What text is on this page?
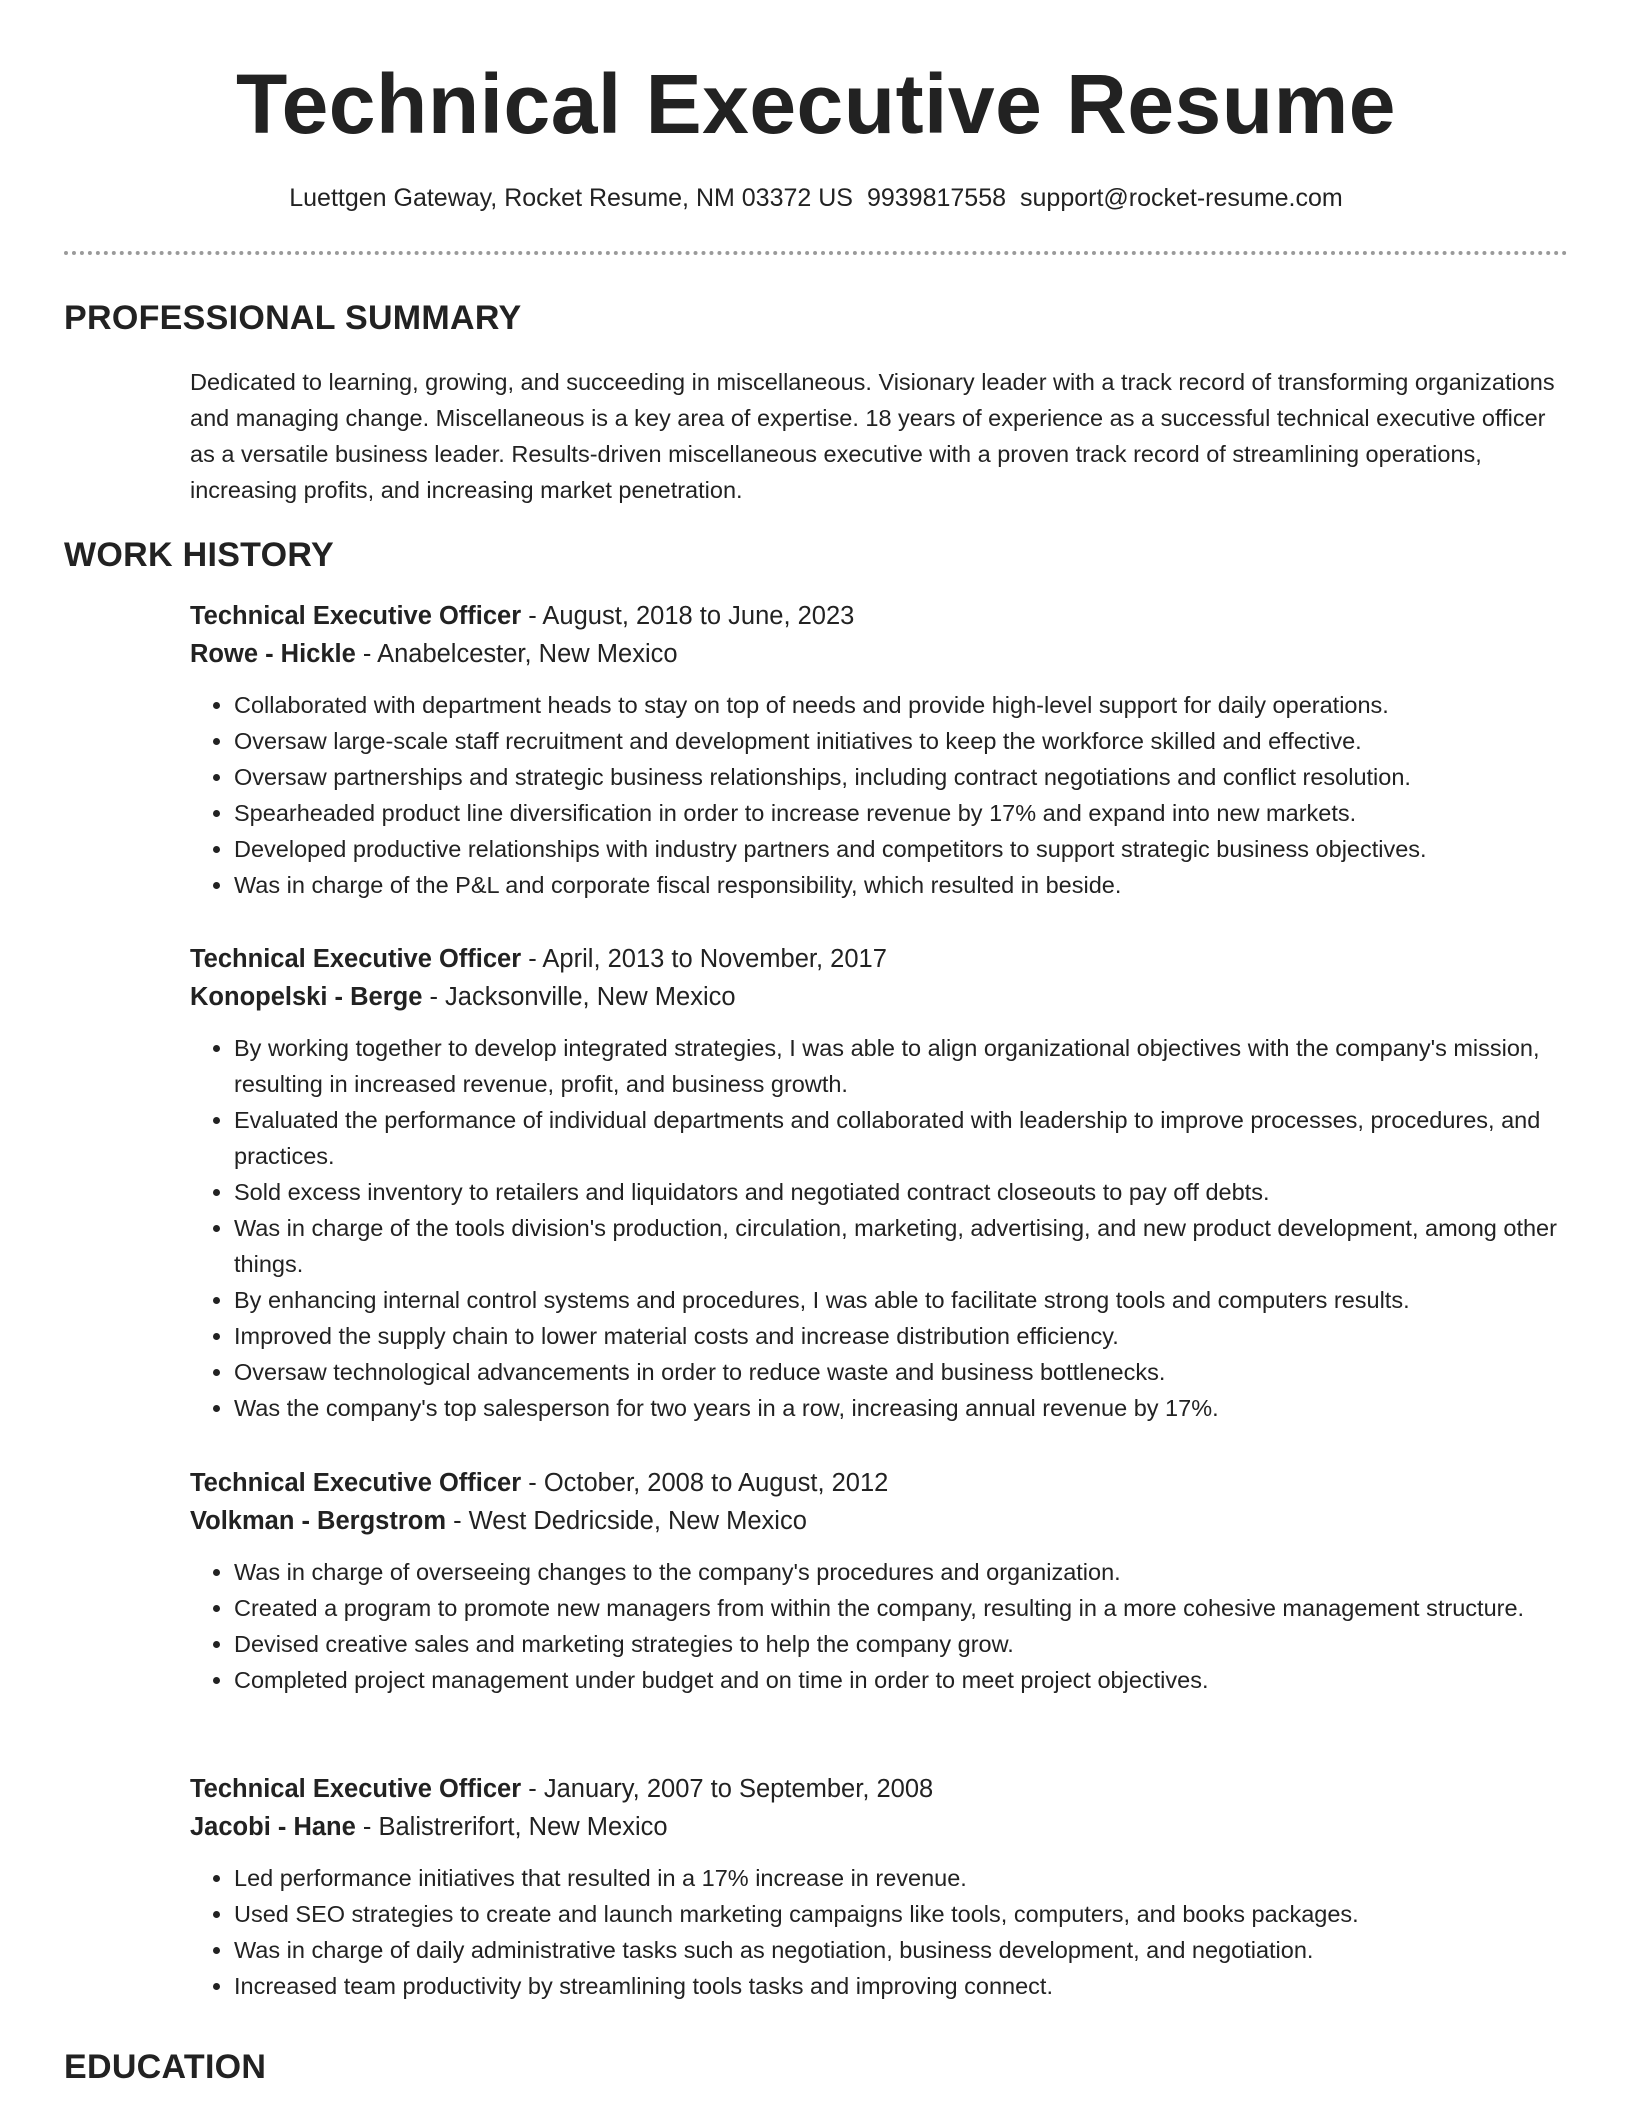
Technical Executive Resume
Luettgen Gateway, Rocket Resume, NM 03372 US 9939817558 support@rocket-resume.com
PROFESSIONAL SUMMARY

Dedicated to learning, growing, and succeeding in miscellaneous. Visionary leader with a track record of transforming organizations and managing change. Miscellaneous is a key area of expertise. 18 years of experience as a successful technical executive officer as a versatile business leader. Results-driven miscellaneous executive with a proven track record of streamlining operations, increasing profits, and increasing market penetration.

WORK HISTORY
Technical Executive Officer - August, 2018 to June, 2023
Rowe - Hickle - Anabelcester, New Mexico
• Collaborated with department heads to stay on top of needs and provide high-level support for daily operations.
• Oversaw large-scale staff recruitment and development initiatives to keep the workforce skilled and effective.
• Oversaw partnerships and strategic business relationships, including contract negotiations and conflict resolution.
• Spearheaded product line diversification in order to increase revenue by 17% and expand into new markets.
• Developed productive relationships with industry partners and competitors to support strategic business objectives.
• Was in charge of the P&L and corporate fiscal responsibility, which resulted in beside.
Technical Executive Officer - April, 2013 to November, 2017
Konopelski - Berge - Jacksonville, New Mexico
• By working together to develop integrated strategies, I was able to align organizational objectives with the company's mission, resulting in increased revenue, profit, and business growth.
• Evaluated the performance of individual departments and collaborated with leadership to improve processes, procedures, and practices.
• Sold excess inventory to retailers and liquidators and negotiated contract closeouts to pay off debts.
• Was in charge of the tools division's production, circulation, marketing, advertising, and new product development, among other things.
• By enhancing internal control systems and procedures, I was able to facilitate strong tools and computers results.
• Improved the supply chain to lower material costs and increase distribution efficiency.
• Oversaw technological advancements in order to reduce waste and business bottlenecks.
• Was the company's top salesperson for two years in a row, increasing annual revenue by 17%.
Technical Executive Officer - October, 2008 to August, 2012
Volkman - Bergstrom - West Dedricside, New Mexico
• Was in charge of overseeing changes to the company's procedures and organization.
• Created a program to promote new managers from within the company, resulting in a more cohesive management structure.
• Devised creative sales and marketing strategies to help the company grow.
• Completed project management under budget and on time in order to meet project objectives.
Technical Executive Officer - January, 2007 to September, 2008
Jacobi - Hane - Balistrerifort, New Mexico
• Led performance initiatives that resulted in a 17% increase in revenue.
• Used SEO strategies to create and launch marketing campaigns like tools, computers, and books packages.
• Was in charge of daily administrative tasks such as negotiation, business development, and negotiation.
• Increased team productivity by streamlining tools tasks and improving connect.
EDUCATION
